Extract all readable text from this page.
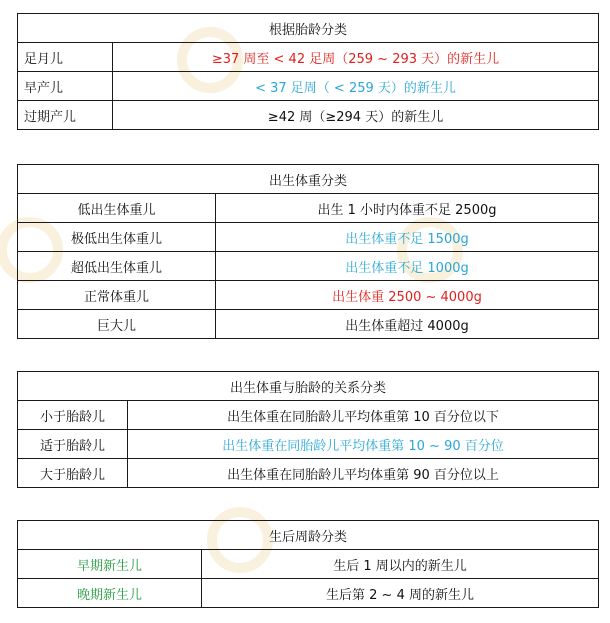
根据胎龄分类	
足月儿	≥37 周至 < 42 足周（259 ~ 293 天）的新生儿
早产儿	< 37 足周（ < 259 天）的新生儿
过期产儿	≥42 周（≥294 天）的新生儿
出生体重分类	
低出生体重儿	出生 1 小时内体重不足 2500g
极低出生体重儿	出生体重不足 1500g
超低出生体重儿	出生体重不足 1000g
正常体重儿	出生体重 2500 ~ 4000g
巨大儿	出生体重超过 4000g
出生体重与胎龄的关系分类	
小于胎龄儿	出生体重在同胎龄儿平均体重第 10 百分位以下
适于胎龄儿	出生体重在同胎龄儿平均体重第 10 ~ 90 百分位
大于胎龄儿	出生体重在同胎龄儿平均体重第 90 百分位以上
生后周龄分类	
早期新生儿	生后 1 周以内的新生儿
晚期新生儿	生后第 2 ~ 4 周的新生儿
